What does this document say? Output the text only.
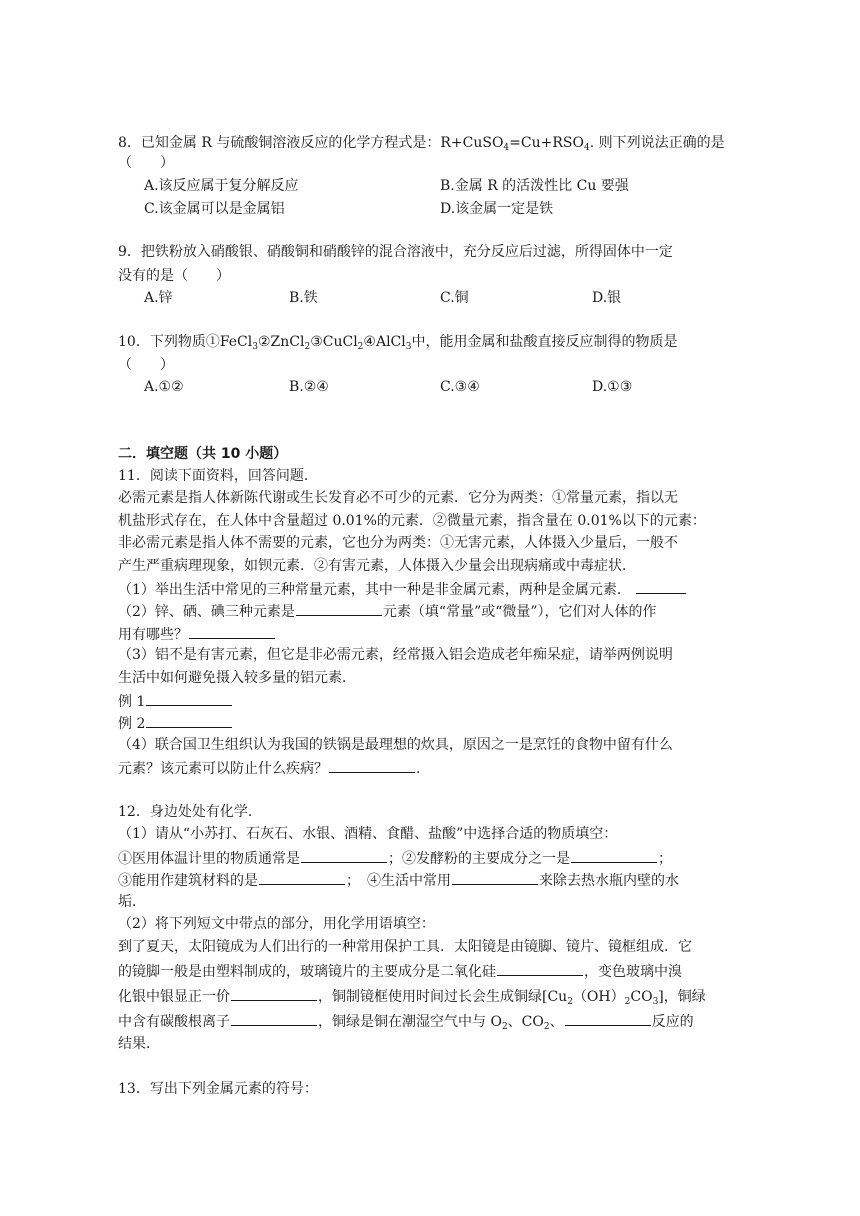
8．已知金属 R 与硫酸铜溶液反应的化学方程式是：$R+CuSO_4=Cu+RSO_4$. 则下列说法正确的是
（　　）
A.该反应属于复分解反应	B.金属 R 的活泼性比 Cu 要强
C.该金属可以是金属铝	D.该金属一定是铁
9．把铁粉放入硝酸银、硝酸铜和硝酸锌的混合溶液中，充分反应后过滤，所得固体中一定
没有的是（　　）
A.锌	B.铁	C.铜	D.银
10．下列物质①FeCl$_3$②ZnCl$_2$③CuCl$_2$④AlCl$_3$中，能用金属和盐酸直接反应制得的物质是
（　　）
A.①②	B.②④	C.③④	D.①③
二．填空题（共 10 小题）
11．阅读下面资料，回答问题．
必需元素是指人体新陈代谢或生长发育必不可少的元素．它分为两类：①常量元素，指以无
机盐形式存在，在人体中含量超过 0.01%的元素．②微量元素，指含量在 0.01%以下的元素：
非必需元素是指人体不需要的元素，它也分为两类：①无害元素，人体摄入少量后，一般不
产生严重病理现象，如钡元素．②有害元素，人体摄入少量会出现病痛或中毒症状．
（1）举出生活中常见的三种常量元素，其中一种是非金属元素，两种是金属元素．
（2）锌、硒、碘三种元素是	元素（填“常量”或“微量”），它们对人体的作
用有哪些？
（3）铝不是有害元素，但它是非必需元素，经常摄入铝会造成老年痴呆症，请举两例说明
生活中如何避免摄入较多量的铝元素．
例 1
例 2
（4）联合国卫生组织认为我国的铁锅是最理想的炊具，原因之一是烹饪的食物中留有什么
元素？该元素可以防止什么疾病？	．
12．身边处处有化学．
（1）请从“小苏打、石灰石、水银、酒精、食醋、盐酸”中选择合适的物质填空：
①医用体温计里的物质通常是	；②发酵粉的主要成分之一是	；
③能用作建筑材料的是	；　④生活中常用	来除去热水瓶内壁的水
垢．
（2）将下列短文中带点的部分，用化学用语填空：
到了夏天，太阳镜成为人们出行的一种常用保护工具．太阳镜是由镜脚、镜片、镜框组成．它
的镜脚一般是由塑料制成的，玻璃镜片的主要成分是二氧化硅	，变色玻璃中溴
化银中银显正一价	，铜制镜框使用时间过长会生成铜绿$[Cu_2(OH)_2CO_3]$，铜绿
中含有碳酸根离子	，铜绿是铜在潮湿空气中与 $O_2$、$CO_2$、	反应的
结果．
13．写出下列金属元素的符号：
